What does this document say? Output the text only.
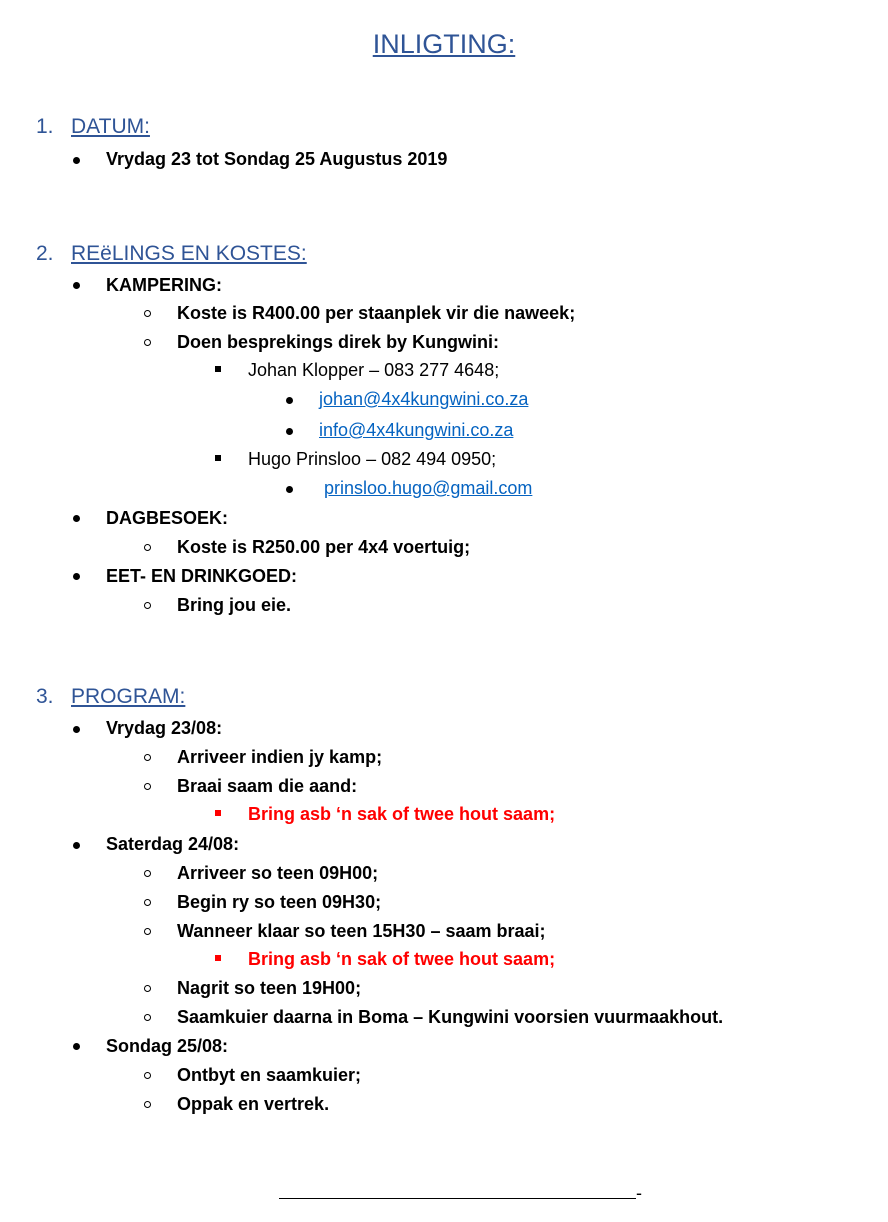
INLIGTING:
1. DATUM:
Vrydag 23 tot Sondag 25 Augustus 2019
2. REëLINGS EN KOSTES:
KAMPERING:
Koste is R400.00 per staanplek vir die naweek;
Doen besprekings direk by Kungwini:
Johan Klopper – 083 277 4648;
johan@4x4kungwini.co.za
info@4x4kungwini.co.za
Hugo Prinsloo – 082 494 0950;
prinsloo.hugo@gmail.com
DAGBESOEK:
Koste is R250.00 per 4x4 voertuig;
EET- EN DRINKGOED:
Bring jou eie.
3. PROGRAM:
Vrydag 23/08:
Arriveer indien jy kamp;
Braai saam die aand:
Bring asb ‘n sak of twee hout saam;
Saterdag 24/08:
Arriveer so teen 09H00;
Begin ry so teen 09H30;
Wanneer klaar so teen 15H30 – saam braai;
Bring asb ‘n sak of twee hout saam;
Nagrit so teen 19H00;
Saamkuier daarna in Boma – Kungwini voorsien vuurmaakhout.
Sondag 25/08:
Ontbyt en saamkuier;
Oppak en vertrek.
-
